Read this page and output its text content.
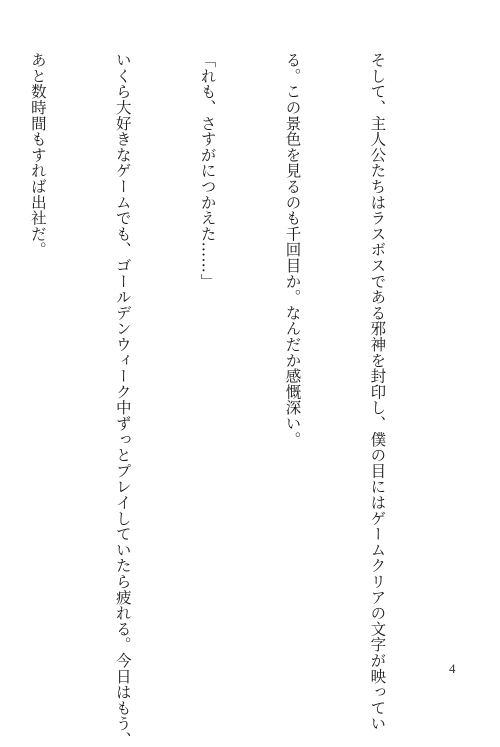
そして、主人公たちはラスボスである邪神を封印し、僕の目にはゲームクリアの文字が映ってい

る。この景色を見るのも千回目か。なんだか感慨深い。

「れも、さすがにつかえた……」

いくら大好きなゲームでも、ゴールデンウィーク中ずっとプレイしていたら疲れる。今日はもう、

あと数時間もすれば出社だ。

4
